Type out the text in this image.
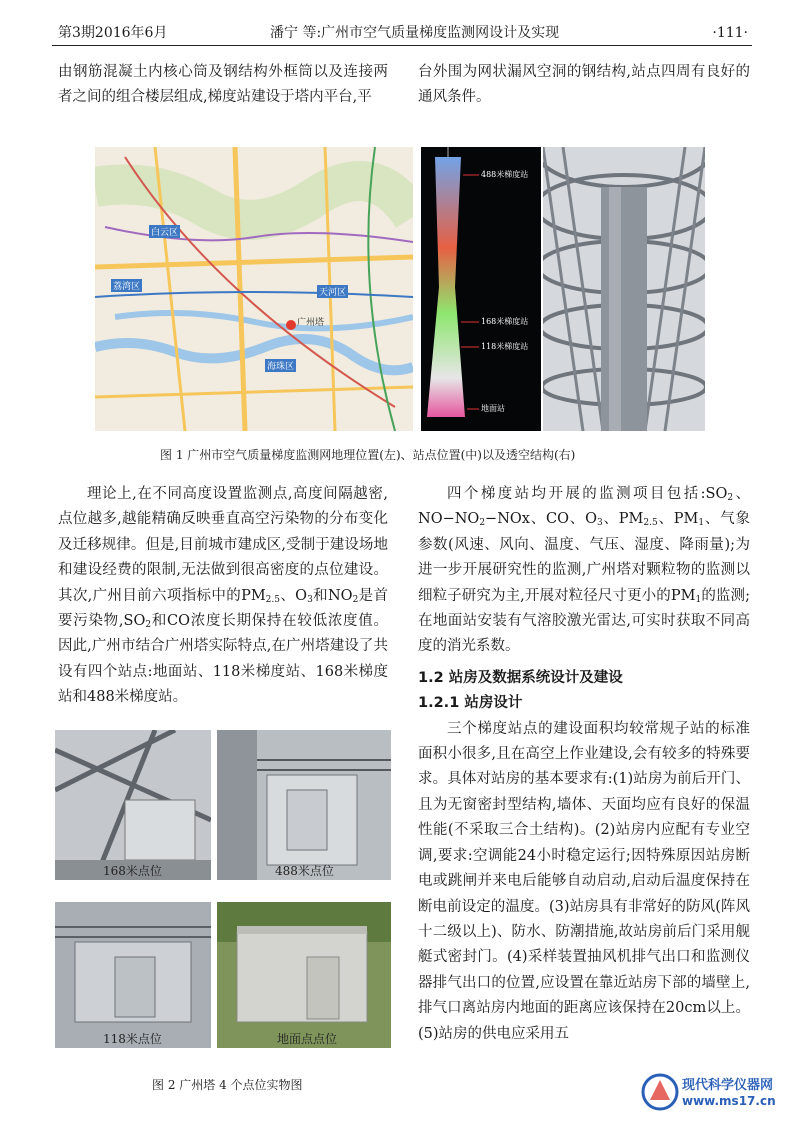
第3期2016年6月	潘宁 等:广州市空气质量梯度监测网设计及实现	·111·

由钢筋混凝土内核心筒及钢结构外框筒以及连接两者之间的组合楼层组成,梯度站建设于塔内平台,平

台外围为网状漏风空洞的钢结构,站点四周有良好的通风条件。

白云区
荔湾区
天河区
海珠区
广州塔
488米梯度站
168米梯度站
118米梯度站
地面站
图 1 广州市空气质量梯度监测网地理位置(左)、站点位置(中)以及透空结构(右)

理论上,在不同高度设置监测点,高度间隔越密,点位越多,越能精确反映垂直高空污染物的分布变化及迁移规律。但是,目前城市建成区,受制于建设场地和建设经费的限制,无法做到很高密度的点位建设。其次,广州目前六项指标中的$PM_{2.5}$、$O_3$和$NO_2$是首要污染物$,SO_2$和CO浓度长期保持在较低浓度值。因此,广州市结合广州塔实际特点,在广州塔建设了共设有四个站点:地面站、118米梯度站、168米梯度站和488米梯度站。

168米点位	488米点位
118米点位	地面点点位
图 2 广州塔 4 个点位实物图

四个梯度站均开展的监测项目包括$:SO_2$、$NO-NO_2-NOx$、CO、$O_3$、$PM_{2.5}$、$PM_1$、气象参数(风速、风向、温度、气压、湿度、降雨量);为进一步开展研究性的监测,广州塔对颗粒物的监测以细粒子研究为主,开展对粒径尺寸更小的$PM_1$的监测;在地面站安装有气溶胶激光雷达,可实时获取不同高度的消光系数。

1.2 站房及数据系统设计及建设

1.2.1 站房设计

三个梯度站点的建设面积均较常规子站的标准面积小很多,且在高空上作业建设,会有较多的特殊要求。具体对站房的基本要求有:(1)站房为前后开门、且为无窗密封型结构,墙体、天面均应有良好的保温性能(不采取三合土结构)。(2)站房内应配有专业空调,要求:空调能24小时稳定运行;因特殊原因站房断电或跳闸并来电后能够自动启动,启动后温度保持在断电前设定的温度。(3)站房具有非常好的防风(阵风十二级以上)、防水、防潮措施,故站房前后门采用舰艇式密封门。(4)采样装置抽风机排气出口和监测仪器排气出口的位置,应设置在靠近站房下部的墙壁上,排气口离站房内地面的距离应该保持在20cm以上。(5)站房的供电应采用五

现代科学仪器网
www.ms17.cn
